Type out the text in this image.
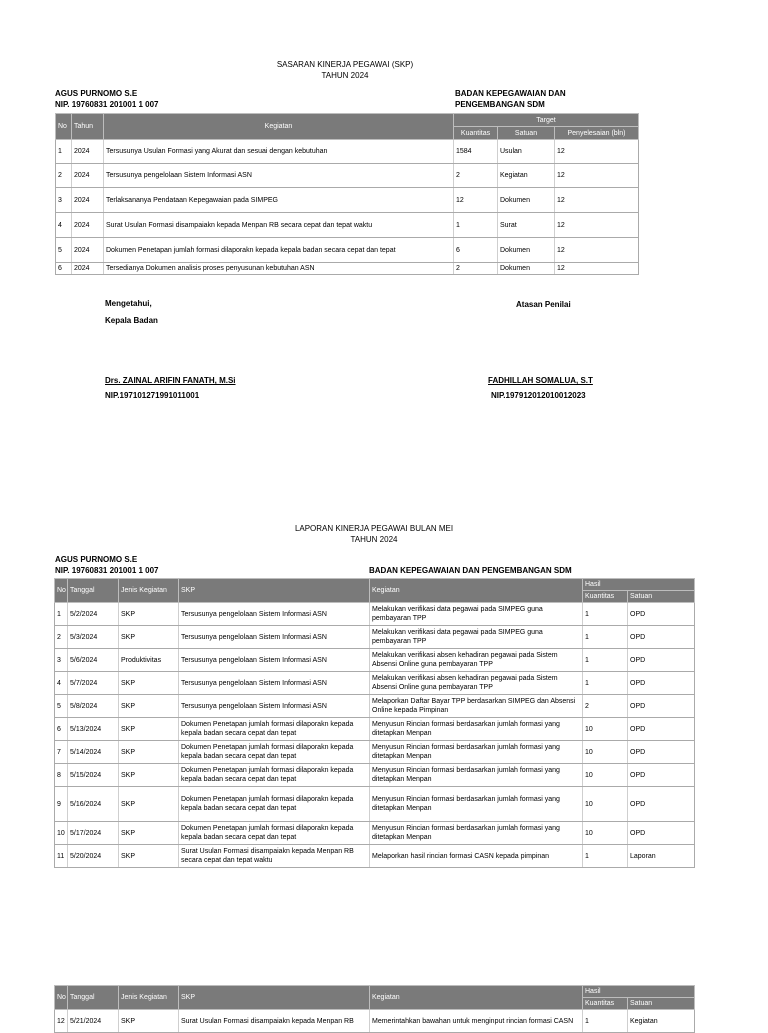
SASARAN KINERJA PEGAWAI (SKP)
TAHUN 2024
AGUS PURNOMO S.E
NIP. 19760831 201001 1 007
BADAN KEPEGAWAIAN DAN
PENGEMBANGAN SDM
No	Tahun	Kegiatan	Target		
			Kuantitas	Satuan	Penyelesaian (bln)
1	2024	Tersusunya Usulan Formasi yang Akurat dan sesuai dengan kebutuhan	1584	Usulan	12
2	2024	Tersusunya pengelolaan Sistem Informasi ASN	2	Kegiatan	12
3	2024	Terlaksananya Pendataan Kepegawaian pada SIMPEG	12	Dokumen	12
4	2024	Surat Usulan Formasi disampaiakn kepada Menpan RB secara cepat dan tepat waktu	1	Surat	12
5	2024	Dokumen Penetapan jumlah formasi dilaporakn kepada kepala badan secara cepat dan tepat	6	Dokumen	12
6	2024	Tersedianya Dokumen analisis proses penyusunan kebutuhan ASN	2	Dokumen	12
Mengetahui,
Kepala Badan
Atasan Penilai
Drs. ZAINAL ARIFIN FANATH, M.Si
NIP.197101271991011001
FADHILLAH SOMALUA, S.T
NIP.197912012010012023
LAPORAN KINERJA PEGAWAI BULAN MEI
TAHUN 2024
AGUS PURNOMO S.E
NIP. 19760831 201001 1 007	BADAN KEPEGAWAIAN DAN PENGEMBANGAN SDM
No	Tanggal	Jenis Kegiatan	SKP	Kegiatan	Hasil	
					Kuantitas	Satuan
1	5/2/2024	SKP	Tersusunya pengelolaan Sistem Informasi ASN	Melakukan verifikasi data pegawai pada SIMPEG guna pembayaran TPP	1	OPD
2	5/3/2024	SKP	Tersusunya pengelolaan Sistem Informasi ASN	Melakukan verifikasi data pegawai pada SIMPEG guna pembayaran TPP	1	OPD
3	5/6/2024	Produktivitas	Tersusunya pengelolaan Sistem Informasi ASN	Melakukan verifikasi absen kehadiran pegawai pada Sistem Absensi Online guna pembayaran TPP	1	OPD
4	5/7/2024	SKP	Tersusunya pengelolaan Sistem Informasi ASN	Melakukan verifikasi absen kehadiran pegawai pada Sistem Absensi Online guna pembayaran TPP	1	OPD
5	5/8/2024	SKP	Tersusunya pengelolaan Sistem Informasi ASN	Melaporkan Daftar Bayar TPP berdasarkan SIMPEG dan Absensi Online kepada Pimpinan	2	OPD
6	5/13/2024	SKP	Dokumen Penetapan jumlah formasi dilaporakn kepada kepala badan secara cepat dan tepat	Menyusun Rincian formasi berdasarkan jumlah formasi yang ditetapkan Menpan	10	OPD
7	5/14/2024	SKP	Dokumen Penetapan jumlah formasi dilaporakn kepada kepala badan secara cepat dan tepat	Menyusun Rincian formasi berdasarkan jumlah formasi yang ditetapkan Menpan	10	OPD
8	5/15/2024	SKP	Dokumen Penetapan jumlah formasi dilaporakn kepada kepala badan secara cepat dan tepat	Menyusun Rincian formasi berdasarkan jumlah formasi yang ditetapkan Menpan	10	OPD
9	5/16/2024	SKP	Dokumen Penetapan jumlah formasi dilaporakn kepada kepala badan secara cepat dan tepat	Menyusun Rincian formasi berdasarkan jumlah formasi yang ditetapkan Menpan	10	OPD
10	5/17/2024	SKP	Dokumen Penetapan jumlah formasi dilaporakn kepada kepala badan secara cepat dan tepat	Menyusun Rincian formasi berdasarkan jumlah formasi yang ditetapkan Menpan	10	OPD
11	5/20/2024	SKP	Surat Usulan Formasi disampaiakn kepada Menpan RB secara cepat dan tepat waktu	Melaporkan hasil rincian formasi CASN kepada pimpinan	1	Laporan
No	Tanggal	Jenis Kegiatan	SKP	Kegiatan	Hasil	
					Kuantitas	Satuan
12	5/21/2024	SKP	Surat Usulan Formasi disampaiakn kepada Menpan RB	Memerintahkan bawahan untuk menginput rincian formasi CASN	1	Kegiatan
